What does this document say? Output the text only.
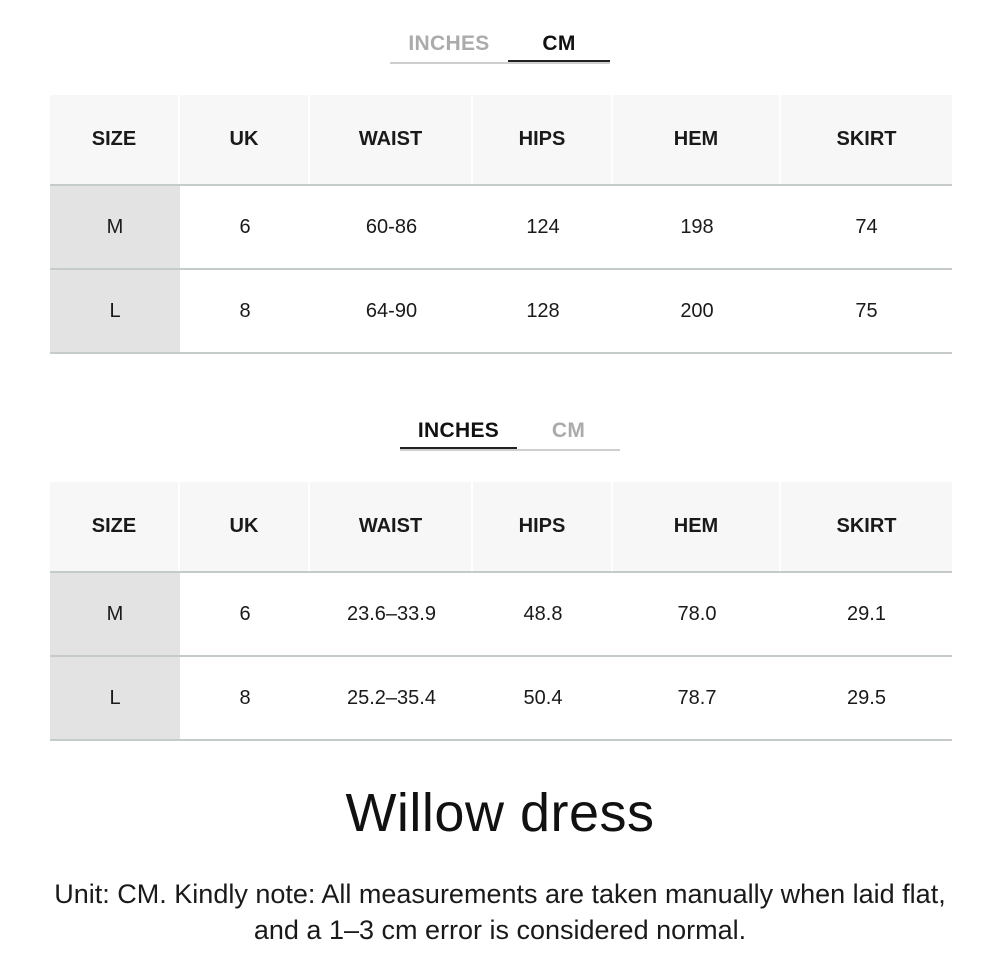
INCHES	CM
SIZE	UK	WAIST	HIPS	HEM	SKIRT
M	6	60-86	124	198	74
L	8	64-90	128	200	75
INCHES	CM
SIZE	UK	WAIST	HIPS	HEM	SKIRT
M	6	23.6–33.9	48.8	78.0	29.1
L	8	25.2–35.4	50.4	78.7	29.5
Willow dress
Unit: CM. Kindly note: All measurements are taken manually when laid flat, and a 1–3 cm error is considered normal.
